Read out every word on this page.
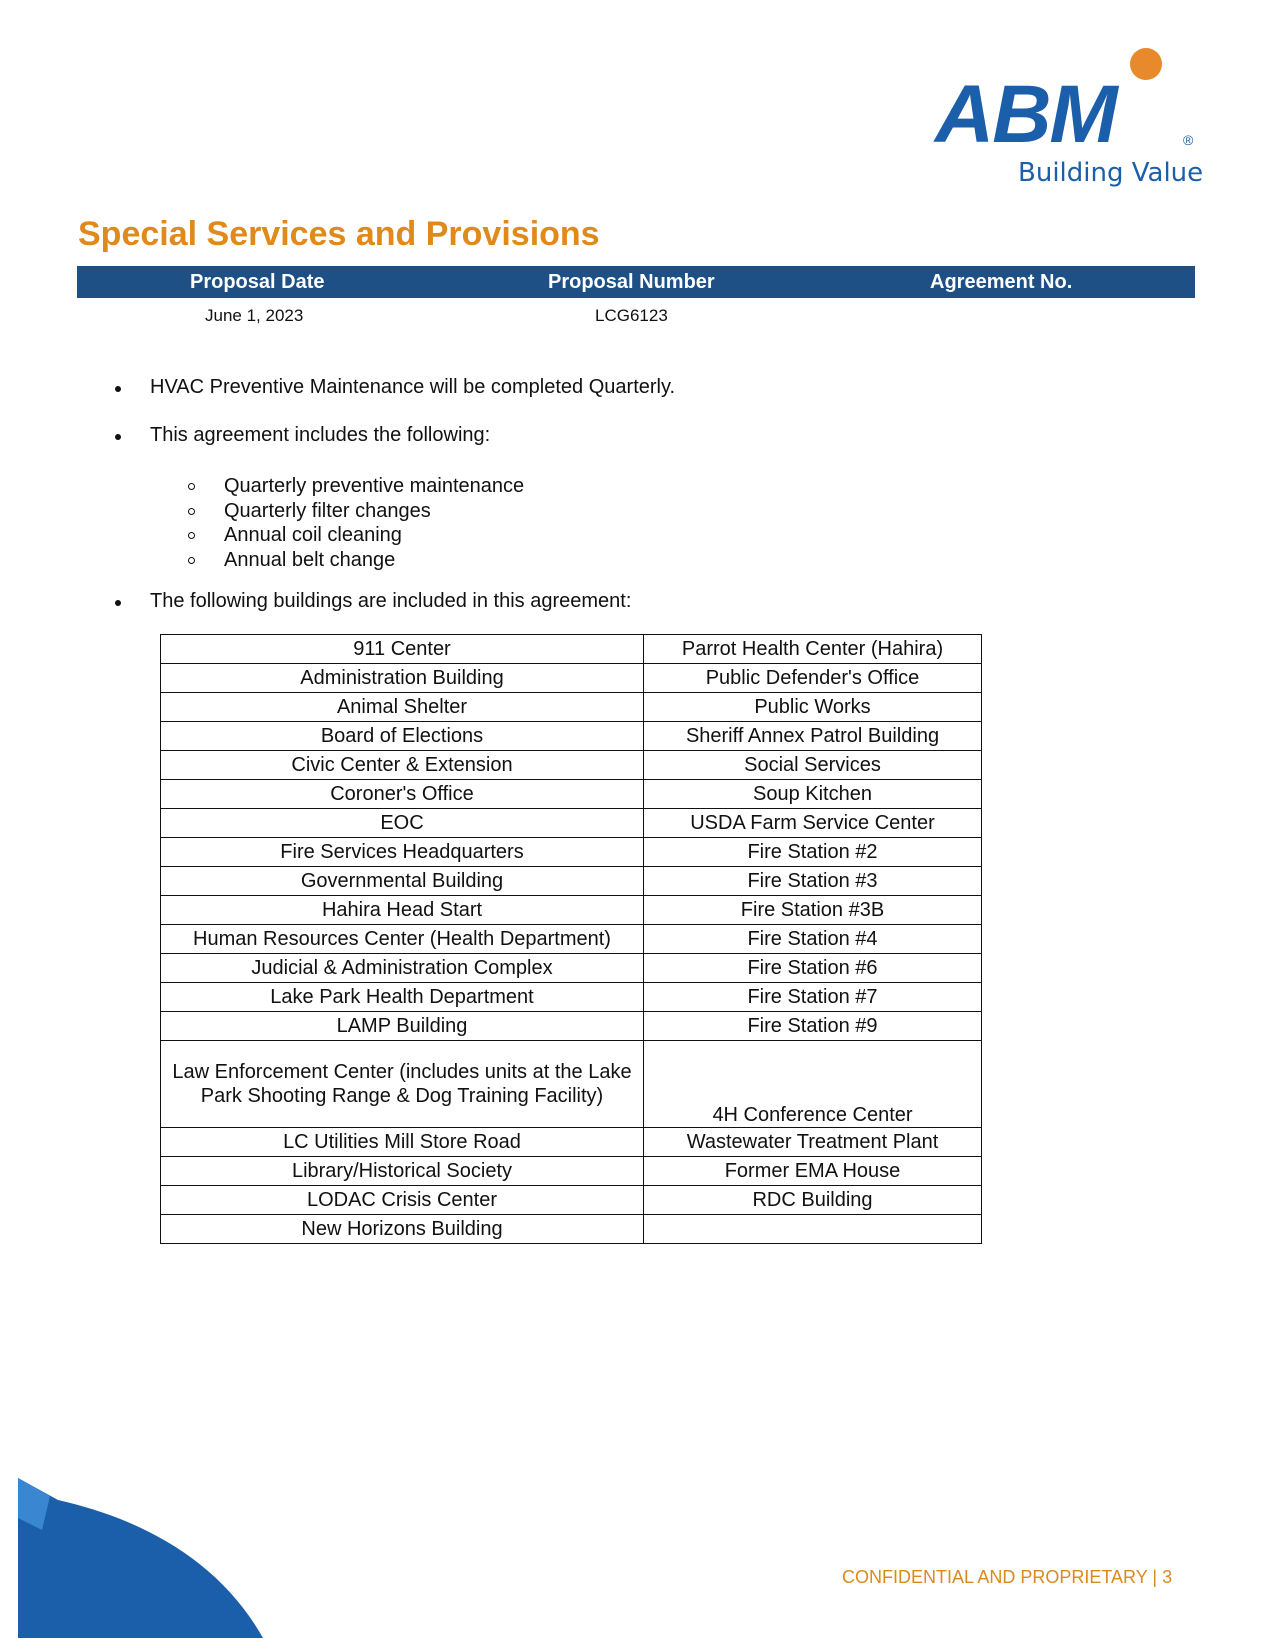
ABM	®
Building Value
Special Services and Provisions
Proposal Date	Proposal Number	Agreement No.
June 1, 2023	LCG6123
HVAC Preventive Maintenance will be completed Quarterly.
This agreement includes the following:
Quarterly preventive maintenance
Quarterly filter changes
Annual coil cleaning
Annual belt change
The following buildings are included in this agreement:
911 Center	Parrot Health Center (Hahira)
Administration Building	Public Defender's Office
Animal Shelter	Public Works
Board of Elections	Sheriff Annex Patrol Building
Civic Center & Extension	Social Services
Coroner's Office	Soup Kitchen
EOC	USDA Farm Service Center
Fire Services Headquarters	Fire Station #2
Governmental Building	Fire Station #3
Hahira Head Start	Fire Station #3B
Human Resources Center (Health Department)	Fire Station #4
Judicial & Administration Complex	Fire Station #6
Lake Park Health Department	Fire Station #7
LAMP Building	Fire Station #9
Law Enforcement Center (includes units at the Lake Park Shooting Range & Dog Training Facility)	4H Conference Center
LC Utilities Mill Store Road	Wastewater Treatment Plant
Library/Historical Society	Former EMA House
LODAC Crisis Center	RDC Building
New Horizons Building	
CONFIDENTIAL AND PROPRIETARY | 3
